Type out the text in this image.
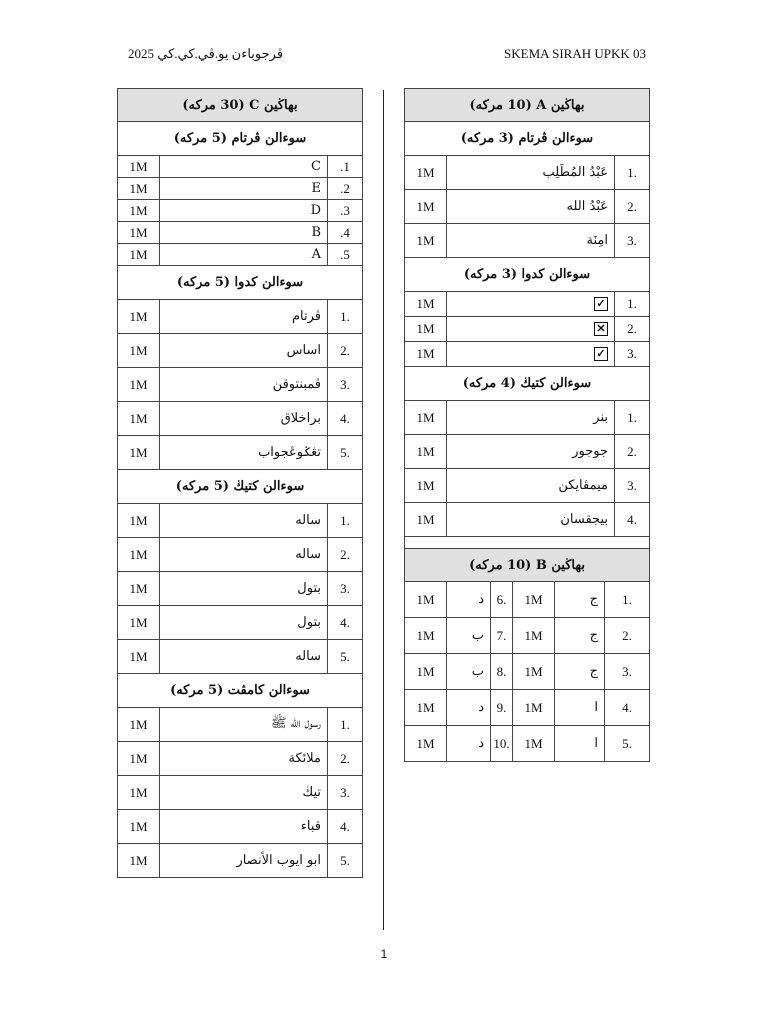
ڤرجوباءن يو.ڤي.كي.كي 2025	SKEMA SIRAH UPKK 03
بهاڬين C (30 مركه)		
سوءالن ڤرتام (5 مركه)		
1M	C	.1
1M	E	.2
1M	D	.3
1M	B	.4
1M	A	.5
سوءالن كدوا (5 مركه)		
1M	ڤرتام	1.
1M	اساس	2.
1M	ڤمبنتوقن	3.
1M	براخلاق	4.
1M	تڠݢوڠجواب	5.
سوءالن كتيڬ (5 مركه)		
1M	ساله	1.
1M	ساله	2.
1M	بتول	3.
1M	بتول	4.
1M	ساله	5.
سوءالن كامڤت (5 مركه)		
1M	رسول الله ﷺ	1.
1M	ملائكة	2.
1M	تيڬ	3.
1M	قباء	4.
1M	ابو ايوب الأنصار	5.
بهاڬين A (10 مركه)		
سوءالن ڤرتام (3 مركه)		
1M	عَبْدُ المُطَلِب	1.
1M	عَبْدُ الله	2.
1M	امِنَة	3.
سوءالن كدوا (3 مركه)		
1M	✓	1.
1M	✕	2.
1M	✓	3.
سوءالن كتيڬ (4 مركه)		
1M	بنر	1.
1M	جوجور	2.
1M	ميمڤايكن	3.
1M	بيجقسان	4.

بهاڬين B (10 مركه)					
1M	د	6.	1M	ج	1.
1M	ب	7.	1M	ج	2.
1M	ب	8.	1M	ج	3.
1M	د	9.	1M	ا	4.
1M	د	10.	1M	ا	5.
1
